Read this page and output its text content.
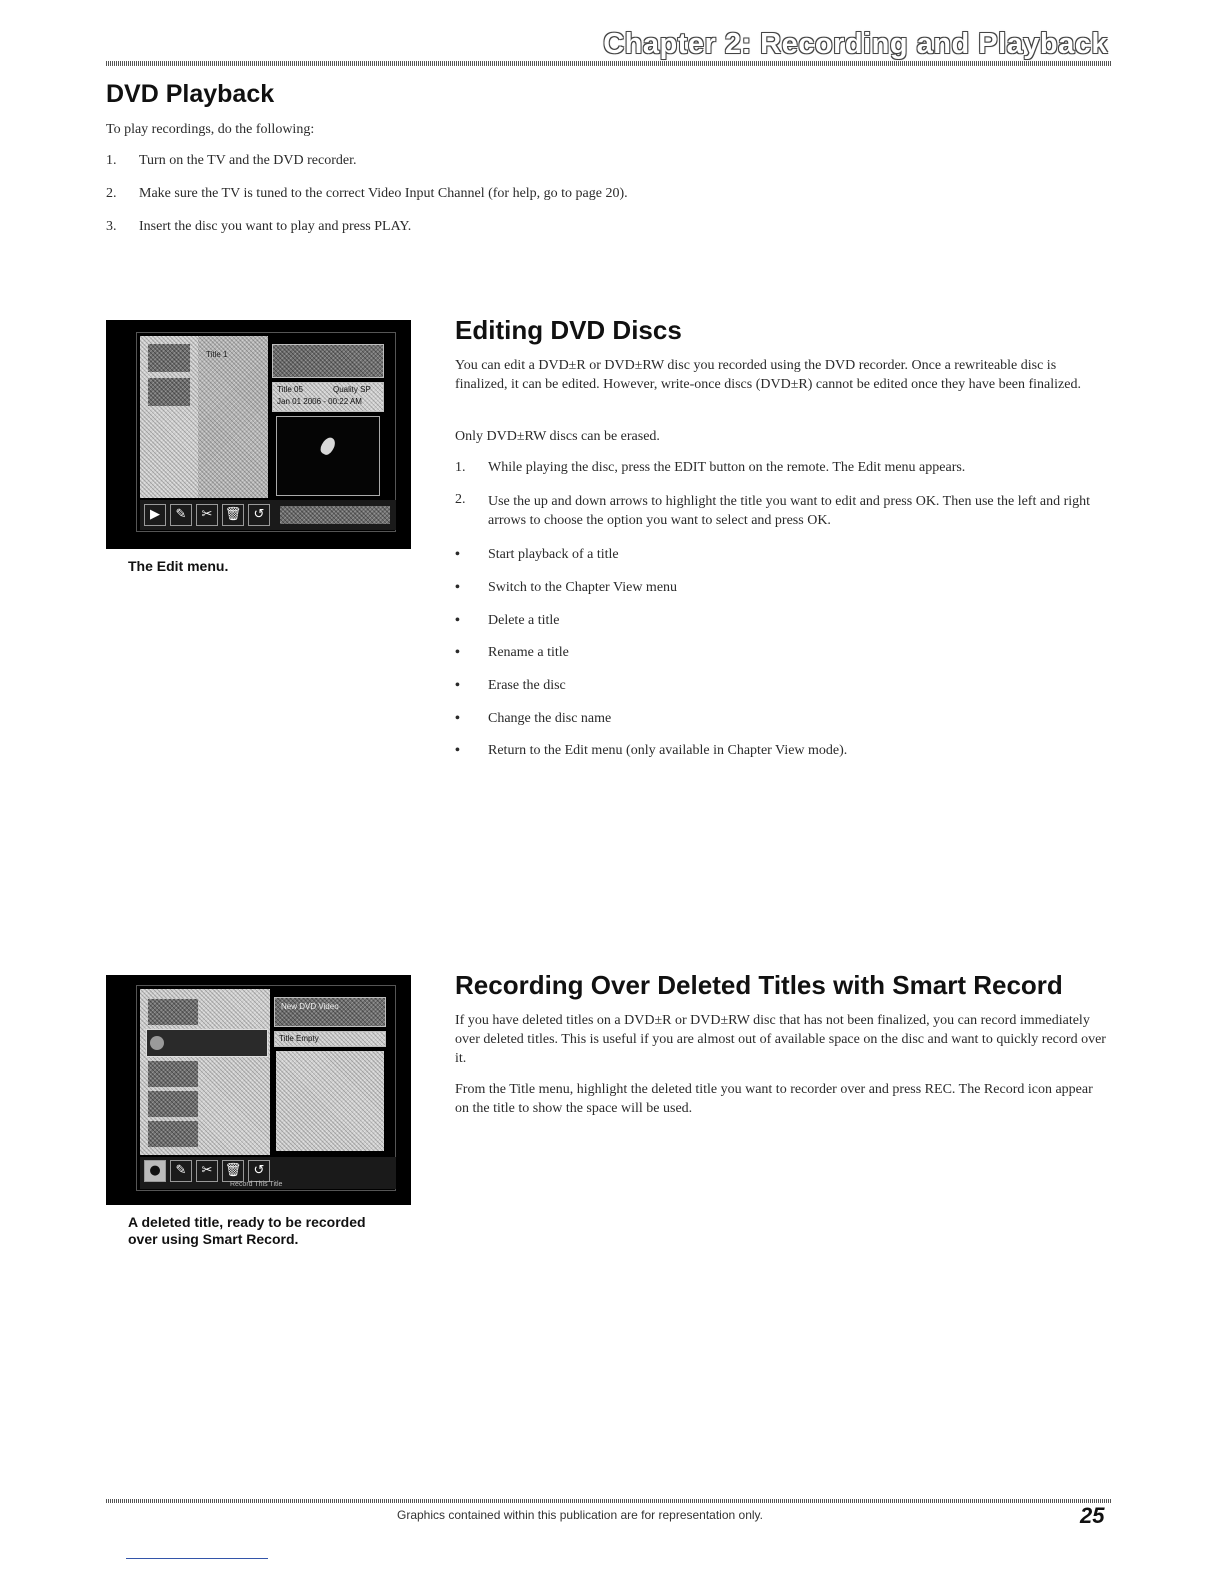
Chapter 2: Recording and Playback
DVD Playback
To play recordings, do the following:
1. Turn on the TV and the DVD recorder.
2. Make sure the TV is tuned to the correct Video Input Channel (for help, go to page 20).
3. Insert the disc you want to play and press PLAY.
Title 1
Title 05	Quality SP
Jan 01 2006 - 00:22 AM
▶	✎	✂ 🗑 ↺
The Edit menu.
Editing DVD Discs
You can edit a DVD±R or DVD±RW disc you recorded using the DVD recorder. Once a rewriteable disc is finalized, it can be edited. However, write-once discs (DVD±R) cannot be edited once they have been finalized.
Only DVD±RW discs can be erased.
1. While playing the disc, press the EDIT button on the remote. The Edit menu appears.
2.	Use the up and down arrows to highlight the title you want to edit and press OK. Then use the left and right arrows to choose the option you want to select and press OK.
• Start playback of a title
• Switch to the Chapter View menu
• Delete a title
• Rename a title
• Erase the disc
• Change the disc name
• Return to the Edit menu (only available in Chapter View mode).
New DVD Video
Title Empty
●	✎	✂ 🗑 ↺
Record This Title
A deleted title, ready to be recorded
over using Smart Record.
Recording Over Deleted Titles with Smart Record
If you have deleted titles on a DVD±R or DVD±RW disc that has not been finalized, you can record immediately over deleted titles. This is useful if you are almost out of available space on the disc and want to quickly record over it.
From the Title menu, highlight the deleted title you want to recorder over and press REC. The Record icon appear on the title to show the space will be used.
Graphics contained within this publication are for representation only.	25
